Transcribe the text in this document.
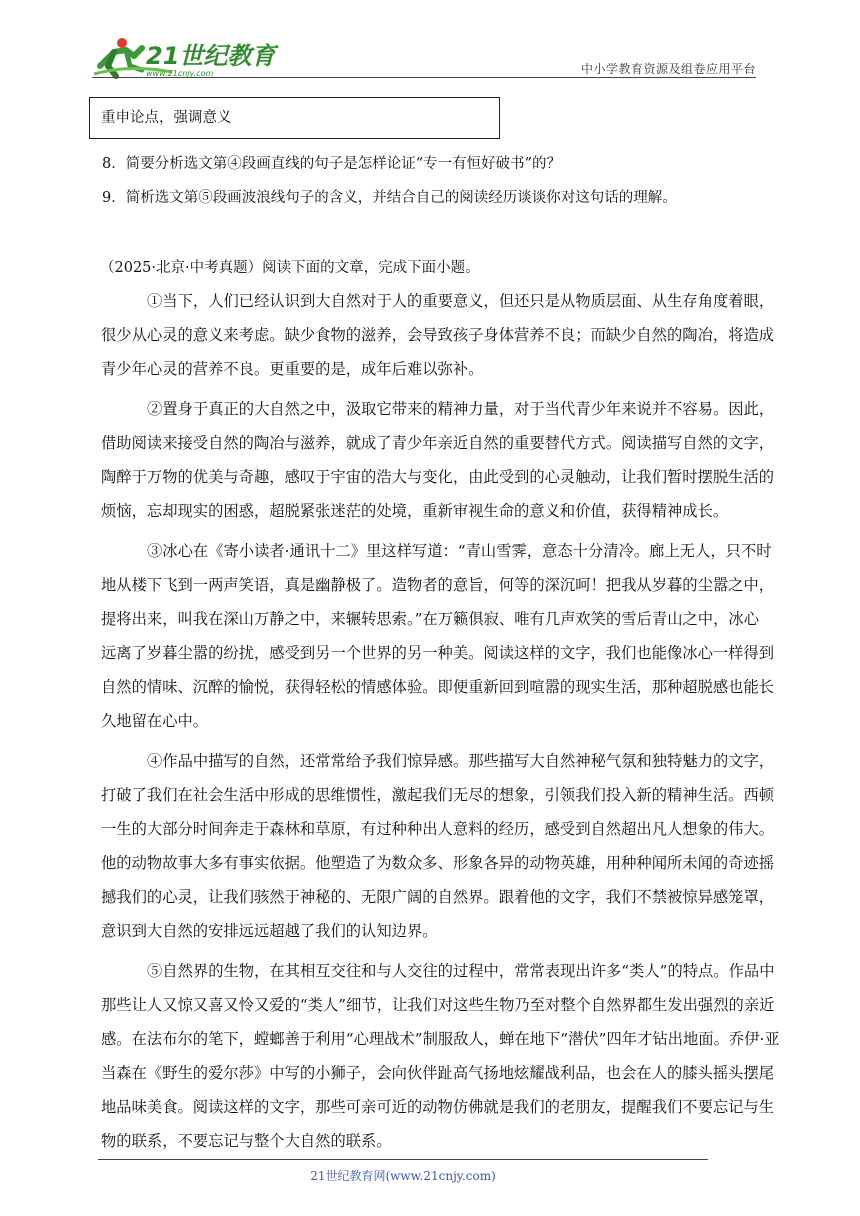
21世纪教育
www.21cnjy.com	中小学教育资源及组卷应用平台
重申论点，强调意义
8．简要分析选文第④段画直线的句子是怎样论证“专一有恒好破书”的？
9．简析选文第⑤段画波浪线句子的含义，并结合自己的阅读经历谈谈你对这句话的理解。
（2025·北京·中考真题）阅读下面的文章，完成下面小题。
①当下，人们已经认识到大自然对于人的重要意义，但还只是从物质层面、从生存角度着眼，
很少从心灵的意义来考虑。缺少食物的滋养，会导致孩子身体营养不良；而缺少自然的陶冶，将造成
青少年心灵的营养不良。更重要的是，成年后难以弥补。
②置身于真正的大自然之中，汲取它带来的精神力量，对于当代青少年来说并不容易。因此，
借助阅读来接受自然的陶冶与滋养，就成了青少年亲近自然的重要替代方式。阅读描写自然的文字，
陶醉于万物的优美与奇趣，感叹于宇宙的浩大与变化，由此受到的心灵触动，让我们暂时摆脱生活的
烦恼，忘却现实的困惑，超脱紧张迷茫的处境，重新审视生命的意义和价值，获得精神成长。
③冰心在《寄小读者·通讯十二》里这样写道：“青山雪霁，意态十分清冷。廊上无人，只不时
地从楼下飞到一两声笑语，真是幽静极了。造物者的意旨，何等的深沉呵！把我从岁暮的尘嚣之中，
提将出来，叫我在深山万静之中，来辗转思索。”在万籁俱寂、唯有几声欢笑的雪后青山之中，冰心
远离了岁暮尘嚣的纷扰，感受到另一个世界的另一种美。阅读这样的文字，我们也能像冰心一样得到
自然的情味、沉醉的愉悦，获得轻松的情感体验。即便重新回到喧嚣的现实生活，那种超脱感也能长
久地留在心中。
④作品中描写的自然，还常常给予我们惊异感。那些描写大自然神秘气氛和独特魅力的文字，
打破了我们在社会生活中形成的思维惯性，激起我们无尽的想象，引领我们投入新的精神生活。西顿
一生的大部分时间奔走于森林和草原，有过种种出人意料的经历，感受到自然超出凡人想象的伟大。
他的动物故事大多有事实依据。他塑造了为数众多、形象各异的动物英雄，用种种闻所未闻的奇迹摇
撼我们的心灵，让我们骇然于神秘的、无限广阔的自然界。跟着他的文字，我们不禁被惊异感笼罩，
意识到大自然的安排远远超越了我们的认知边界。
⑤自然界的生物，在其相互交往和与人交往的过程中，常常表现出许多“类人”的特点。作品中
那些让人又惊又喜又怜又爱的“类人”细节，让我们对这些生物乃至对整个自然界都生发出强烈的亲近
感。在法布尔的笔下，螳螂善于利用“心理战术”制服敌人，蝉在地下“潜伏”四年才钻出地面。乔伊·亚
当森在《野生的爱尔莎》中写的小狮子，会向伙伴趾高气扬地炫耀战利品，也会在人的膝头摇头摆尾
地品味美食。阅读这样的文字，那些可亲可近的动物仿佛就是我们的老朋友，提醒我们不要忘记与生
物的联系，不要忘记与整个大自然的联系。
21世纪教育网(www.21cnjy.com)
